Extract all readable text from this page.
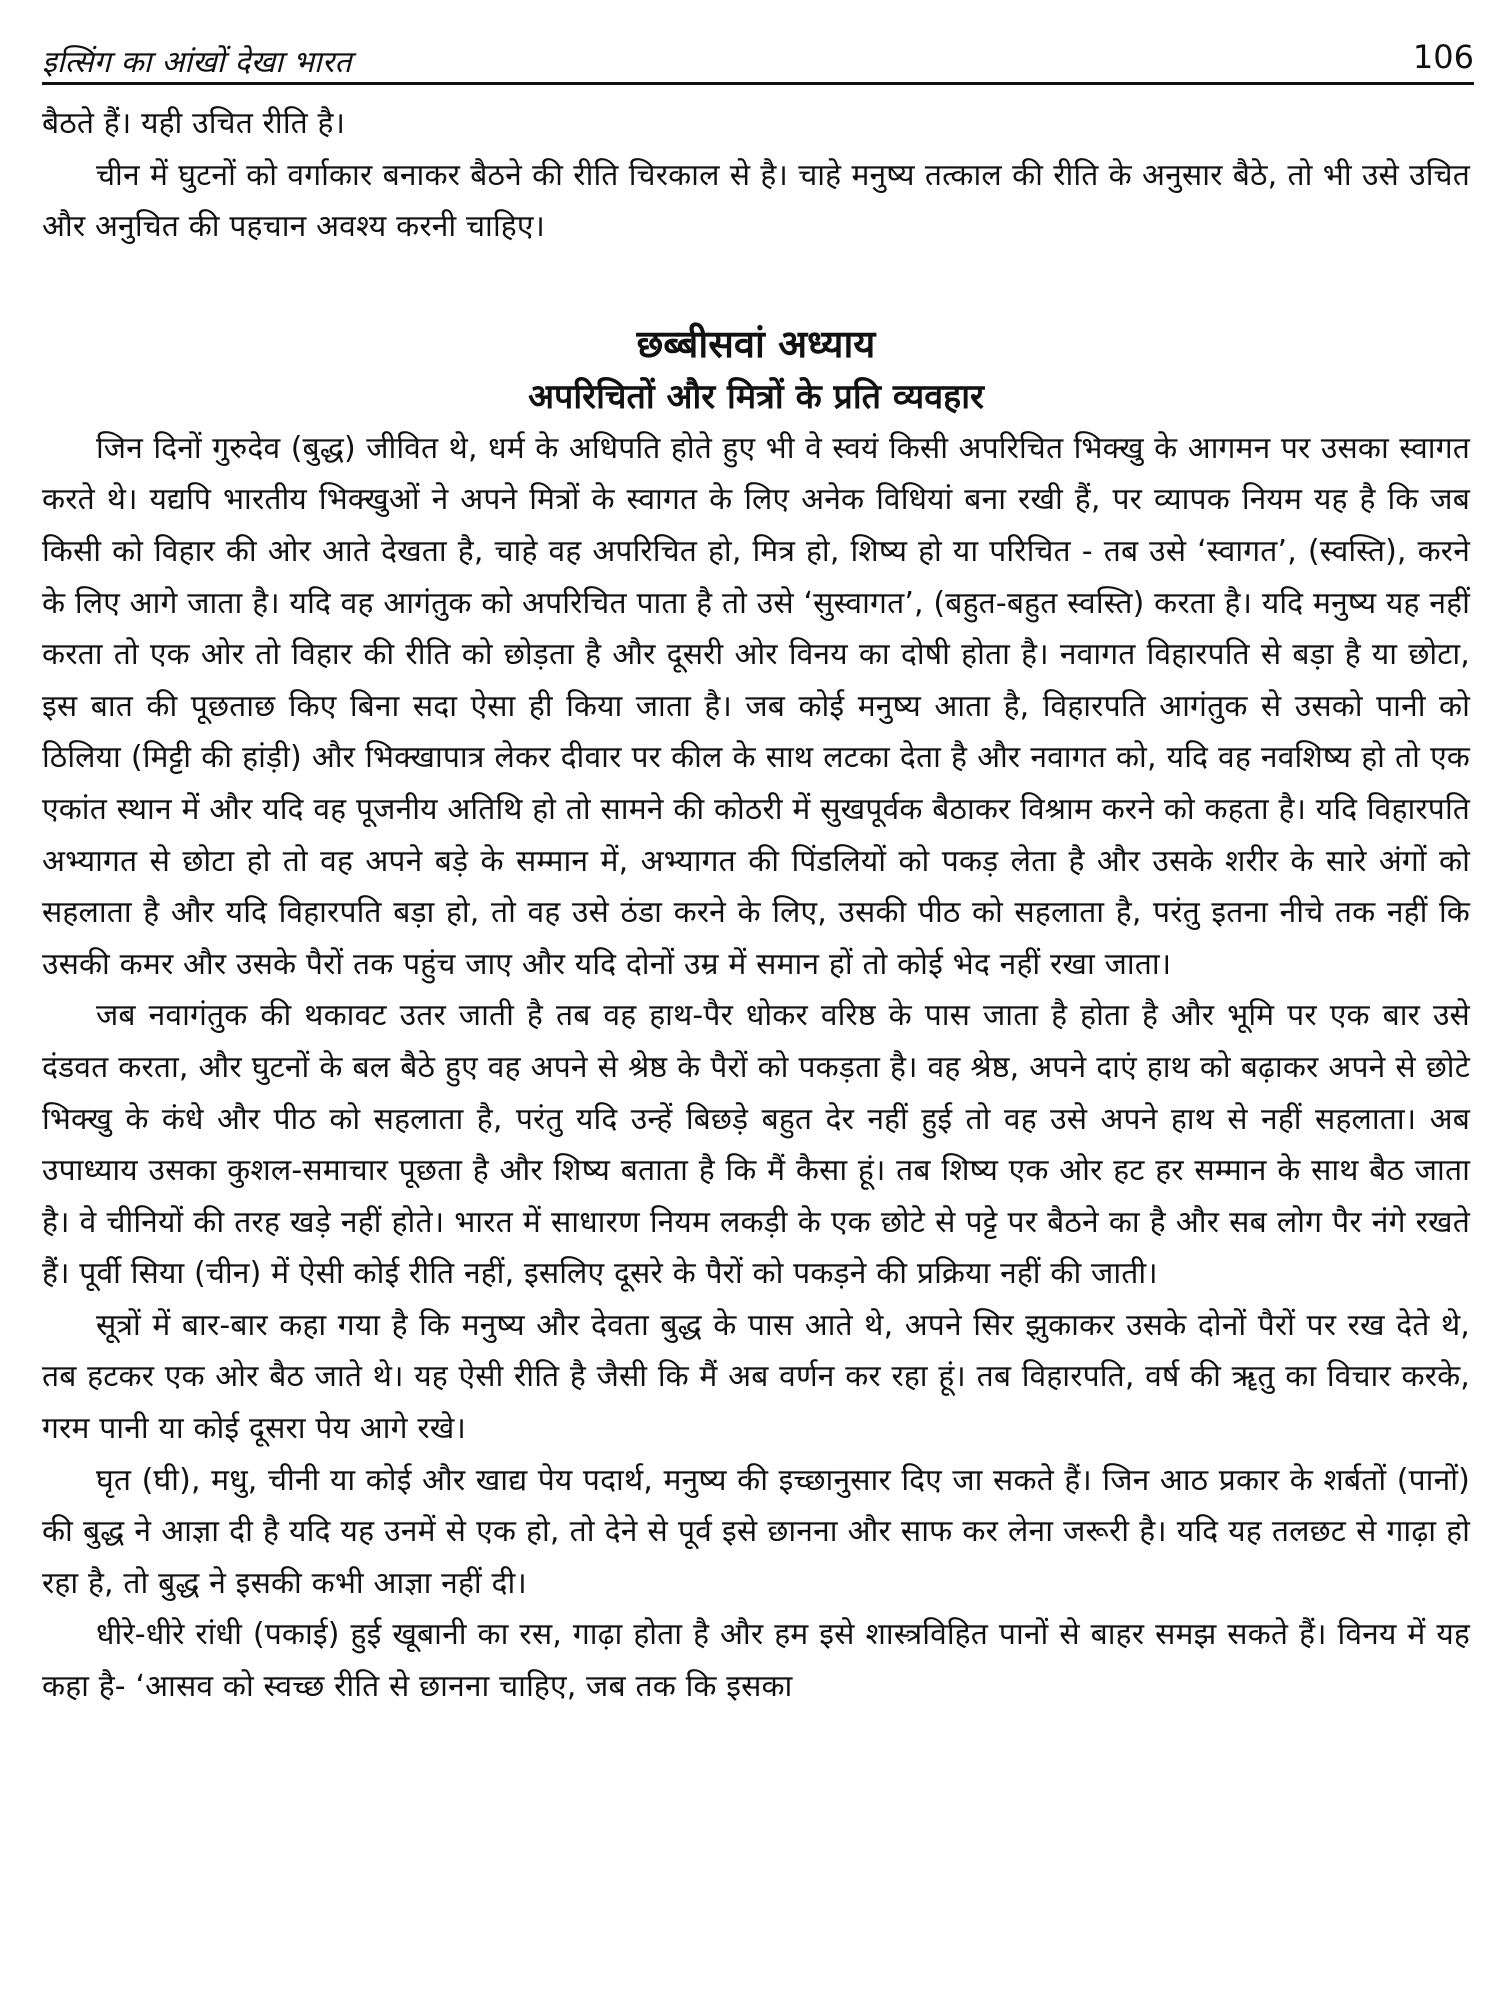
इत्सिंग का आंखों देखा भारत	106

बैठते हैं। यही उचित रीति है।

चीन में घुटनों को वर्गाकार बनाकर बैठने की रीति चिरकाल से है। चाहे मनुष्य तत्काल की रीति के अनुसार बैठे, तो भी उसे उचित और अनुचित की पहचान अवश्य करनी चाहिए।

छब्बीसवां अध्याय
अपरिचितों और मित्रों के प्रति व्यवहार

जिन दिनों गुरुदेव (बुद्ध) जीवित थे, धर्म के अधिपति होते हुए भी वे स्वयं किसी अपरिचित भिक्खु के आगमन पर उसका स्वागत करते थे। यद्यपि भारतीय भिक्खुओं ने अपने मित्रों के स्वागत के लिए अनेक विधियां बना रखी हैं, पर व्यापक नियम यह है कि जब किसी को विहार की ओर आते देखता है, चाहे वह अपरिचित हो, मित्र हो, शिष्य हो या परिचित - तब उसे ‘स्वागत’, (स्वस्ति), करने के लिए आगे जाता है। यदि वह आगंतुक को अपरिचित पाता है तो उसे ‘सुस्वागत’, (बहुत-बहुत स्वस्ति) करता है। यदि मनुष्य यह नहीं करता तो एक ओर तो विहार की रीति को छोड़ता है और दूसरी ओर विनय का दोषी होता है। नवागत विहारपति से बड़ा है या छोटा, इस बात की पूछताछ किए बिना सदा ऐसा ही किया जाता है। जब कोई मनुष्य आता है, विहारपति आगंतुक से उसको पानी को ठिलिया (मिट्टी की हांड़ी) और भिक्खापात्र लेकर दीवार पर कील के साथ लटका देता है और नवागत को, यदि वह नवशिष्य हो तो एक एकांत स्थान में और यदि वह पूजनीय अतिथि हो तो सामने की कोठरी में सुखपूर्वक बैठाकर विश्राम करने को कहता है। यदि विहारपति अभ्यागत से छोटा हो तो वह अपने बड़े के सम्मान में, अभ्यागत की पिंडलियों को पकड़ लेता है और उसके शरीर के सारे अंगों को सहलाता है और यदि विहारपति बड़ा हो, तो वह उसे ठंडा करने के लिए, उसकी पीठ को सहलाता है, परंतु इतना नीचे तक नहीं कि उसकी कमर और उसके पैरों तक पहुंच जाए और यदि दोनों उम्र में समान हों तो कोई भेद नहीं रखा जाता।

जब नवागंतुक की थकावट उतर जाती है तब वह हाथ-पैर धोकर वरिष्ठ के पास जाता है होता है और भूमि पर एक बार उसे दंडवत करता, और घुटनों के बल बैठे हुए वह अपने से श्रेष्ठ के पैरों को पकड़ता है। वह श्रेष्ठ, अपने दाएं हाथ को बढ़ाकर अपने से छोटे भिक्खु के कंधे और पीठ को सहलाता है, परंतु यदि उन्हें बिछड़े बहुत देर नहीं हुई तो वह उसे अपने हाथ से नहीं सहलाता। अब उपाध्याय उसका कुशल-समाचार पूछता है और शिष्य बताता है कि मैं कैसा हूं। तब शिष्य एक ओर हट हर सम्मान के साथ बैठ जाता है। वे चीनियों की तरह खड़े नहीं होते। भारत में साधारण नियम लकड़ी के एक छोटे से पट्टे पर बैठने का है और सब लोग पैर नंगे रखते हैं। पूर्वी सिया (चीन) में ऐसी कोई रीति नहीं, इसलिए दूसरे के पैरों को पकड़ने की प्रक्रिया नहीं की जाती।

सूत्रों में बार-बार कहा गया है कि मनुष्य और देवता बुद्ध के पास आते थे, अपने सिर झुकाकर उसके दोनों पैरों पर रख देते थे, तब हटकर एक ओर बैठ जाते थे। यह ऐसी रीति है जैसी कि मैं अब वर्णन कर रहा हूं। तब विहारपति, वर्ष की ॠतु का विचार करके, गरम पानी या कोई दूसरा पेय आगे रखे।

घृत (घी), मधु, चीनी या कोई और खाद्य पेय पदार्थ, मनुष्य की इच्छानुसार दिए जा सकते हैं। जिन आठ प्रकार के शर्बतों (पानों) की बुद्ध ने आज्ञा दी है यदि यह उनमें से एक हो, तो देने से पूर्व इसे छानना और साफ कर लेना जरूरी है। यदि यह तलछट से गाढ़ा हो रहा है, तो बुद्ध ने इसकी कभी आज्ञा नहीं दी।

धीरे-धीरे रांधी (पकाई) हुई खूबानी का रस, गाढ़ा होता है और हम इसे शास्त्रविहित पानों से बाहर समझ सकते हैं। विनय में यह कहा है- ‘आसव को स्वच्छ रीति से छानना चाहिए, जब तक कि इसका
